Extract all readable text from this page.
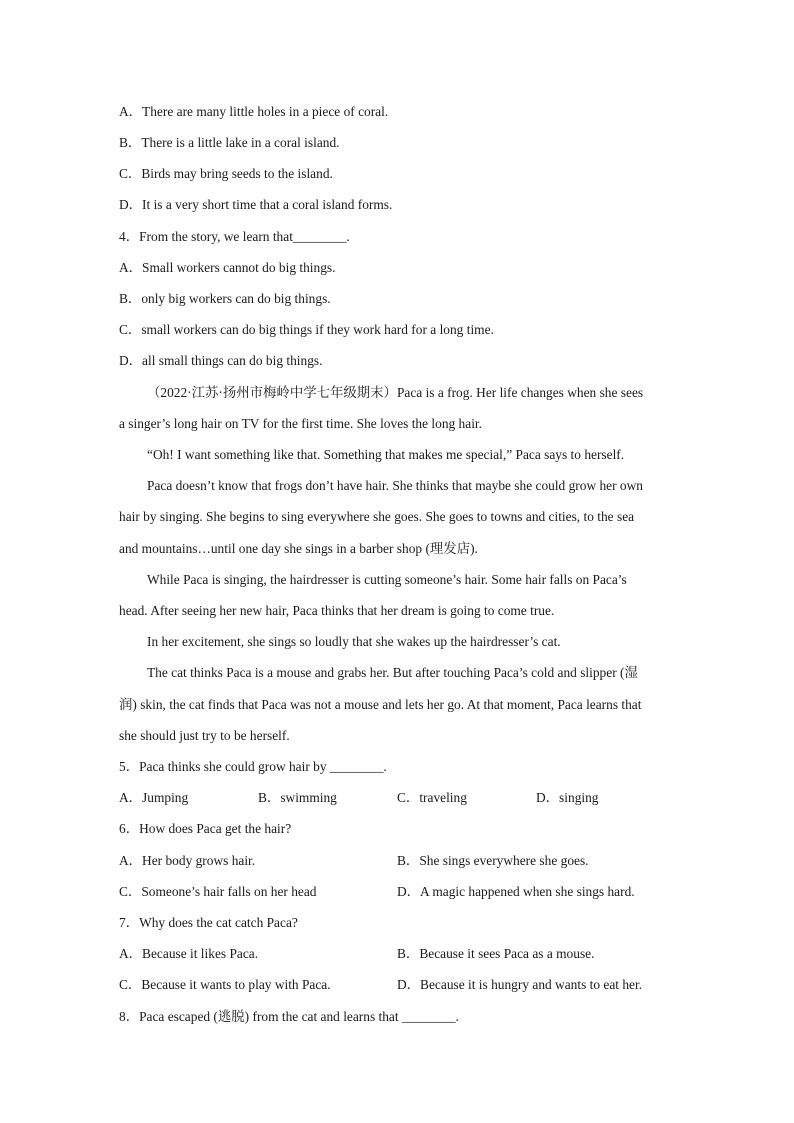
A．There are many little holes in a piece of coral.
B．There is a little lake in a coral island.
C．Birds may bring seeds to the island.
D．It is a very short time that a coral island forms.
4．From the story, we learn that________.
A．Small workers cannot do big things.
B．only big workers can do big things.
C．small workers can do big things if they work hard for a long time.
D．all small things can do big things.
（2022·江苏·扬州市梅岭中学七年级期末）Paca is a frog. Her life changes when she sees
a singer’s long hair on TV for the first time. She loves the long hair.
“Oh! I want something like that. Something that makes me special,” Paca says to herself.
Paca doesn’t know that frogs don’t have hair. She thinks that maybe she could grow her own
hair by singing. She begins to sing everywhere she goes. She goes to towns and cities, to the sea
and mountains…until one day she sings in a barber shop (理发店).
While Paca is singing, the hairdresser is cutting someone’s hair. Some hair falls on Paca’s
head. After seeing her new hair, Paca thinks that her dream is going to come true.
In her excitement, she sings so loudly that she wakes up the hairdresser’s cat.
The cat thinks Paca is a mouse and grabs her. But after touching Paca’s cold and slipper (湿
润) skin, the cat finds that Paca was not a mouse and lets her go. At that moment, Paca learns that
she should just try to be herself.
5．Paca thinks she could grow hair by ________.
A．Jumping	B．swimming	C．traveling	D．singing
6．How does Paca get the hair?
A．Her body grows hair.	B．She sings everywhere she goes.
C．Someone’s hair falls on her head	D．A magic happened when she sings hard.
7．Why does the cat catch Paca?
A．Because it likes Paca.	B．Because it sees Paca as a mouse.
C．Because it wants to play with Paca.	D．Because it is hungry and wants to eat her.
8．Paca escaped (逃脱) from the cat and learns that ________.
